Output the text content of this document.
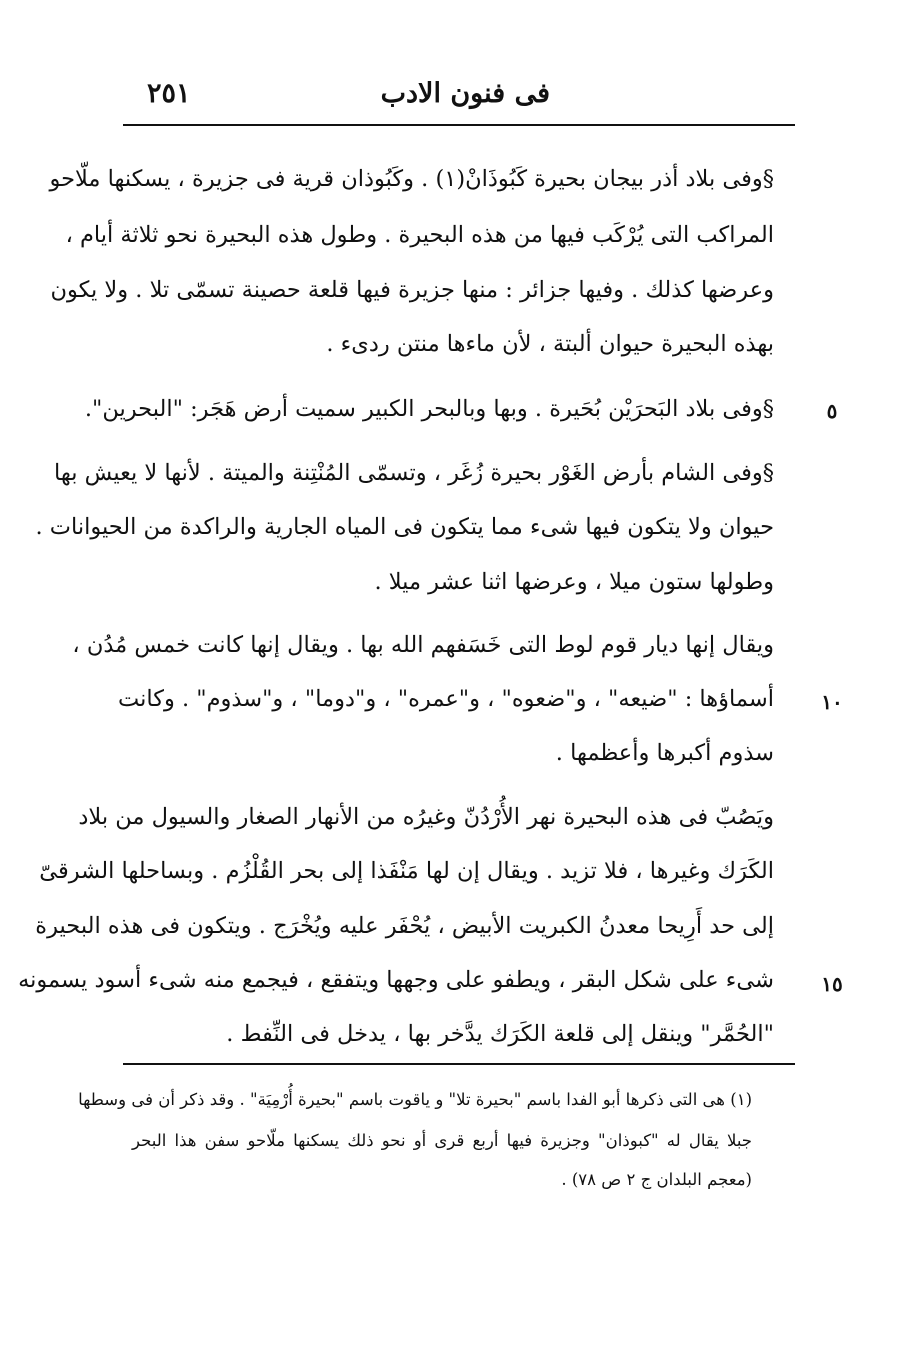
فى فنون الادب
٢٥١
§وفى بلاد أذر بيجان بحيرة كَبُوذَانْ(١) . وكَبُوذان قرية فى جزيرة ، يسكنها ملّاحو
المراكب التى يُرْكَب فيها من هذه البحيرة . وطول هذه البحيرة نحو ثلاثة أيام ،
وعرضها كذلك . وفيها جزائر : منها جزيرة فيها قلعة حصينة تسمّى تلا . ولا يكون
بهذه البحيرة حيوان ألبتة ، لأن ماءها منتن ردىء .
§وفى بلاد البَحرَيْن بُحَيرة . وبها وبالبحر الكبير سميت أرض هَجَر: "البحرين".	٥
§وفى الشام بأرض الغَوْر بحيرة زُغَر ، وتسمّى المُنْتِنة والميتة . لأنها لا يعيش بها
حيوان ولا يتكون فيها شىء مما يتكون فى المياه الجارية والراكدة من الحيوانات .
وطولها ستون ميلا ، وعرضها اثنا عشر ميلا .
ويقال إنها ديار قوم لوط التى خَسَفهم الله بها . ويقال إنها كانت خمس مُدُن ،
أسماؤها : "ضيعه" ، و"ضعوه" ، و"عمره" ، و"دوما" ، و"سذوم" . وكانت	١٠
سذوم أكبرها وأعظمها .
ويَصُبّ فى هذه البحيرة نهر الأُرْدُنّ وغيرُه من الأنهار الصغار والسيول من بلاد
الكَرَك وغيرها ، فلا تزيد . ويقال إن لها مَنْفَذا إلى بحر القُلْزُم . وبساحلها الشرقىّ
إلى حد أَرِيحا معدنُ الكبريت الأبيض ، يُحْفَر عليه ويُخْرَج . ويتكون فى هذه البحيرة
شىء على شكل البقر ، ويطفو على وجهها ويتفقع ، فيجمع منه شىء أسود يسمونه	١٥
"الحُمَّر" وينقل إلى قلعة الكَرَك يدَّخر بها ، يدخل فى النِّفط .
(١) هى التى ذكرها أبو الفدا باسم "بحيرة تلا" و ياقوت باسم "بحيرة أُرْمِيَة" . وقد ذكر أن فى وسطها
جبلا يقال له "كبوذان" وجزيرة فيها أربع قرى أو نحو ذلك يسكنها ملّاحو سفن هذا البحر
(معجم البلدان ج ٢ ص ٧٨) .
